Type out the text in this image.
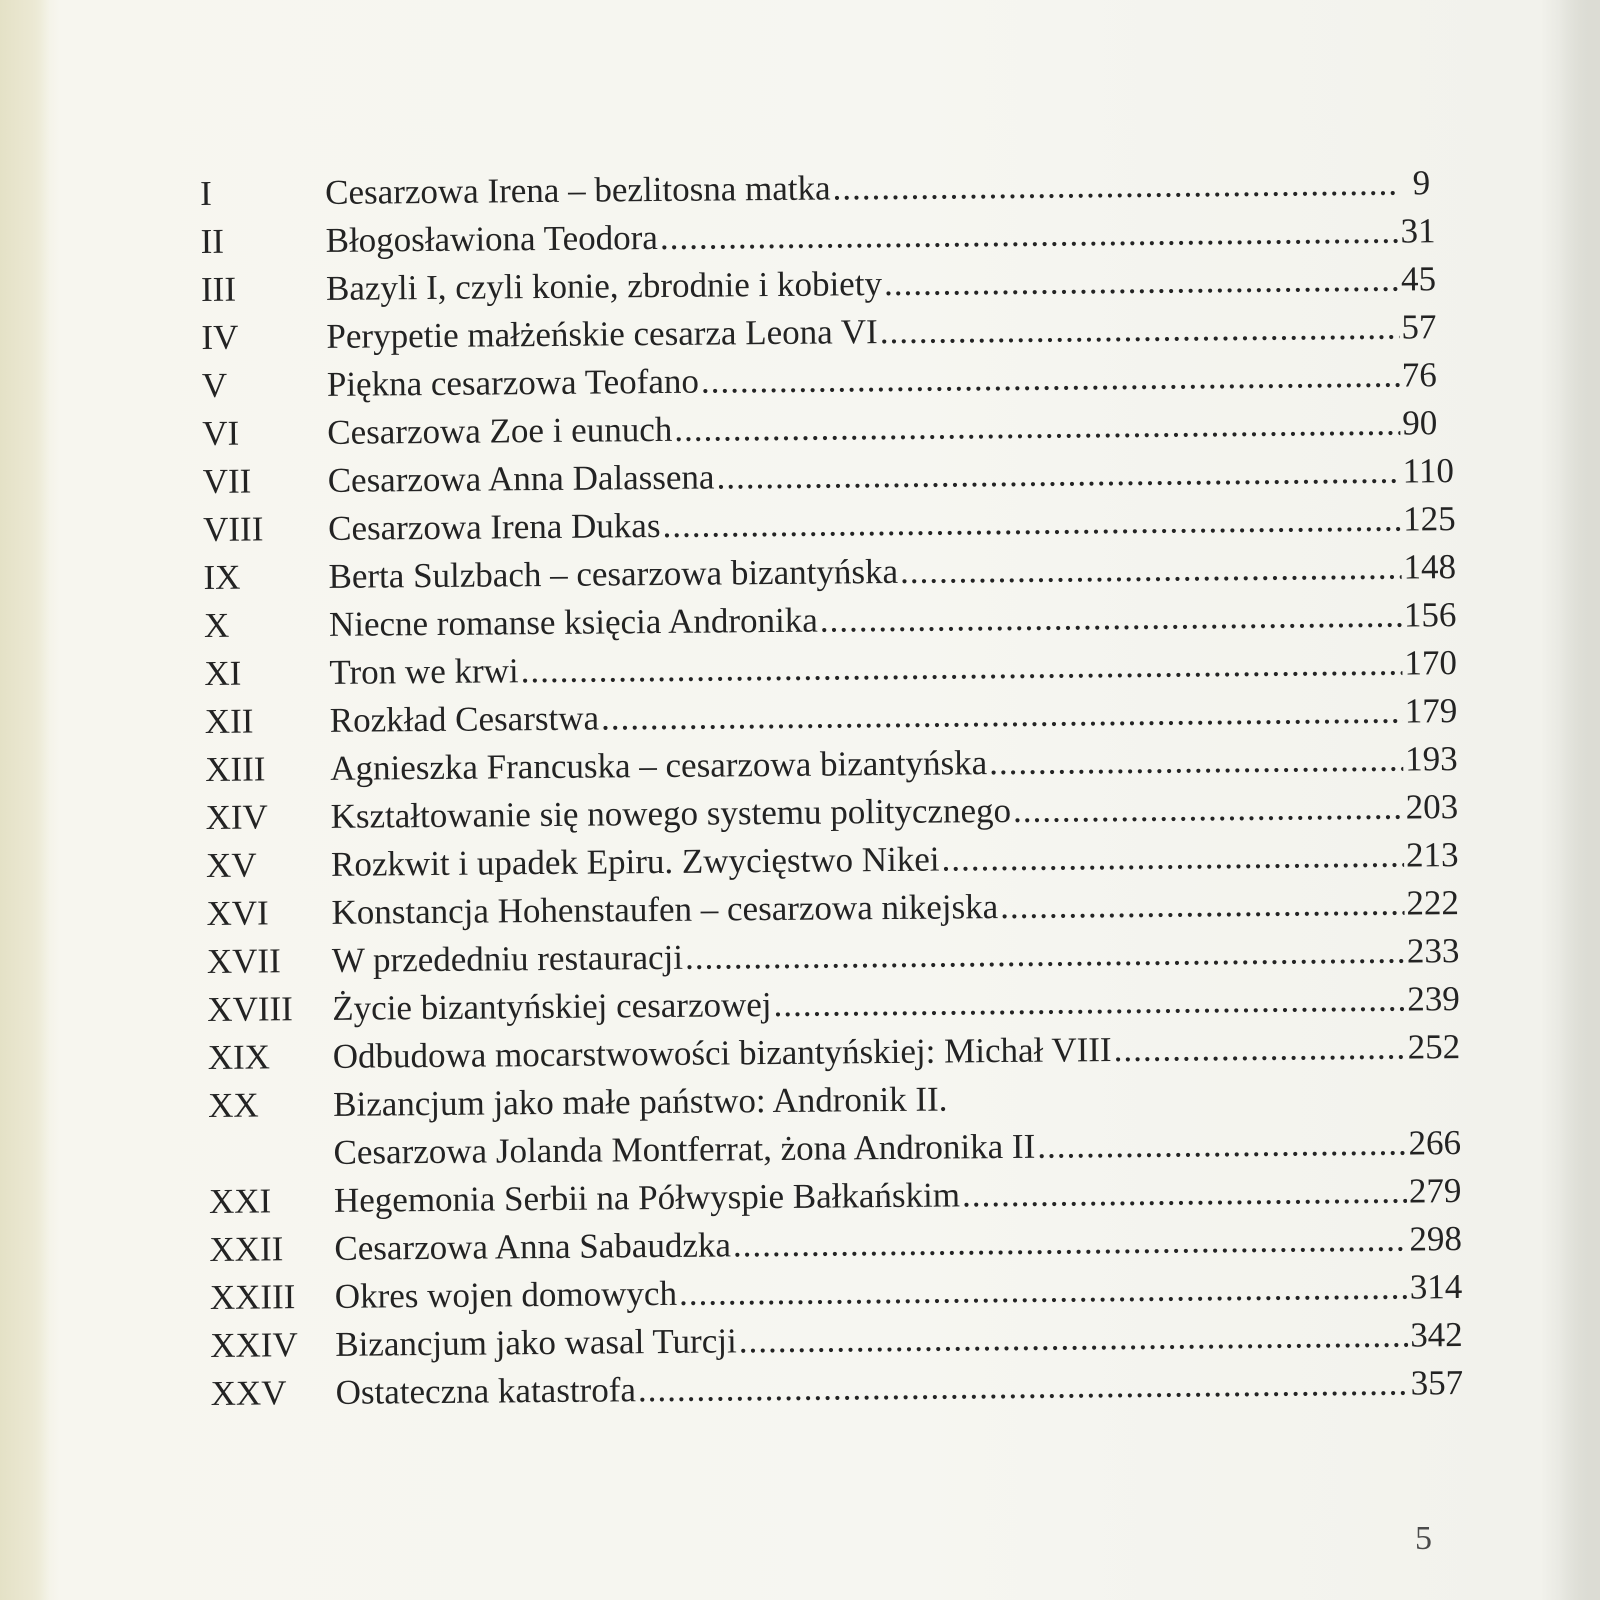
I	Cesarzowa Irena – bezlitosna matka .....	9
II	Błogosławiona Teodora .....	31
III	Bazyli I, czyli konie, zbrodnie i kobiety .....	45
IV	Perypetie małżeńskie cesarza Leona VI .....	57
V	Piękna cesarzowa Teofano .....	76
VI	Cesarzowa Zoe i eunuch .....	90
VII	Cesarzowa Anna Dalassena .....	110
VIII	Cesarzowa Irena Dukas .....	125
IX	Berta Sulzbach – cesarzowa bizantyńska .....	148
X	Niecne romanse księcia Andronika .....	156
XI	Tron we krwi .....	170
XII	Rozkład Cesarstwa .....	179
XIII	Agnieszka Francuska – cesarzowa bizantyńska .....	193
XIV	Kształtowanie się nowego systemu politycznego .....	203
XV	Rozkwit i upadek Epiru. Zwycięstwo Nikei .....	213
XVI	Konstancja Hohenstaufen – cesarzowa nikejska .....	222
XVII	W przededniu restauracji .....	233
XVIII	Życie bizantyńskiej cesarzowej .....	239
XIX	Odbudowa mocarstwowości bizantyńskiej: Michał VIII .....	252
XX	Bizancjum jako małe państwo: Andronik II.
Cesarzowa Jolanda Montferrat, żona Andronika II .....	266
XXI	Hegemonia Serbii na Półwyspie Bałkańskim .....	279
XXII	Cesarzowa Anna Sabaudzka .....	298
XXIII	Okres wojen domowych .....	314
XXIV	Bizancjum jako wasal Turcji .....	342
XXV	Ostateczna katastrofa .....	357
5
